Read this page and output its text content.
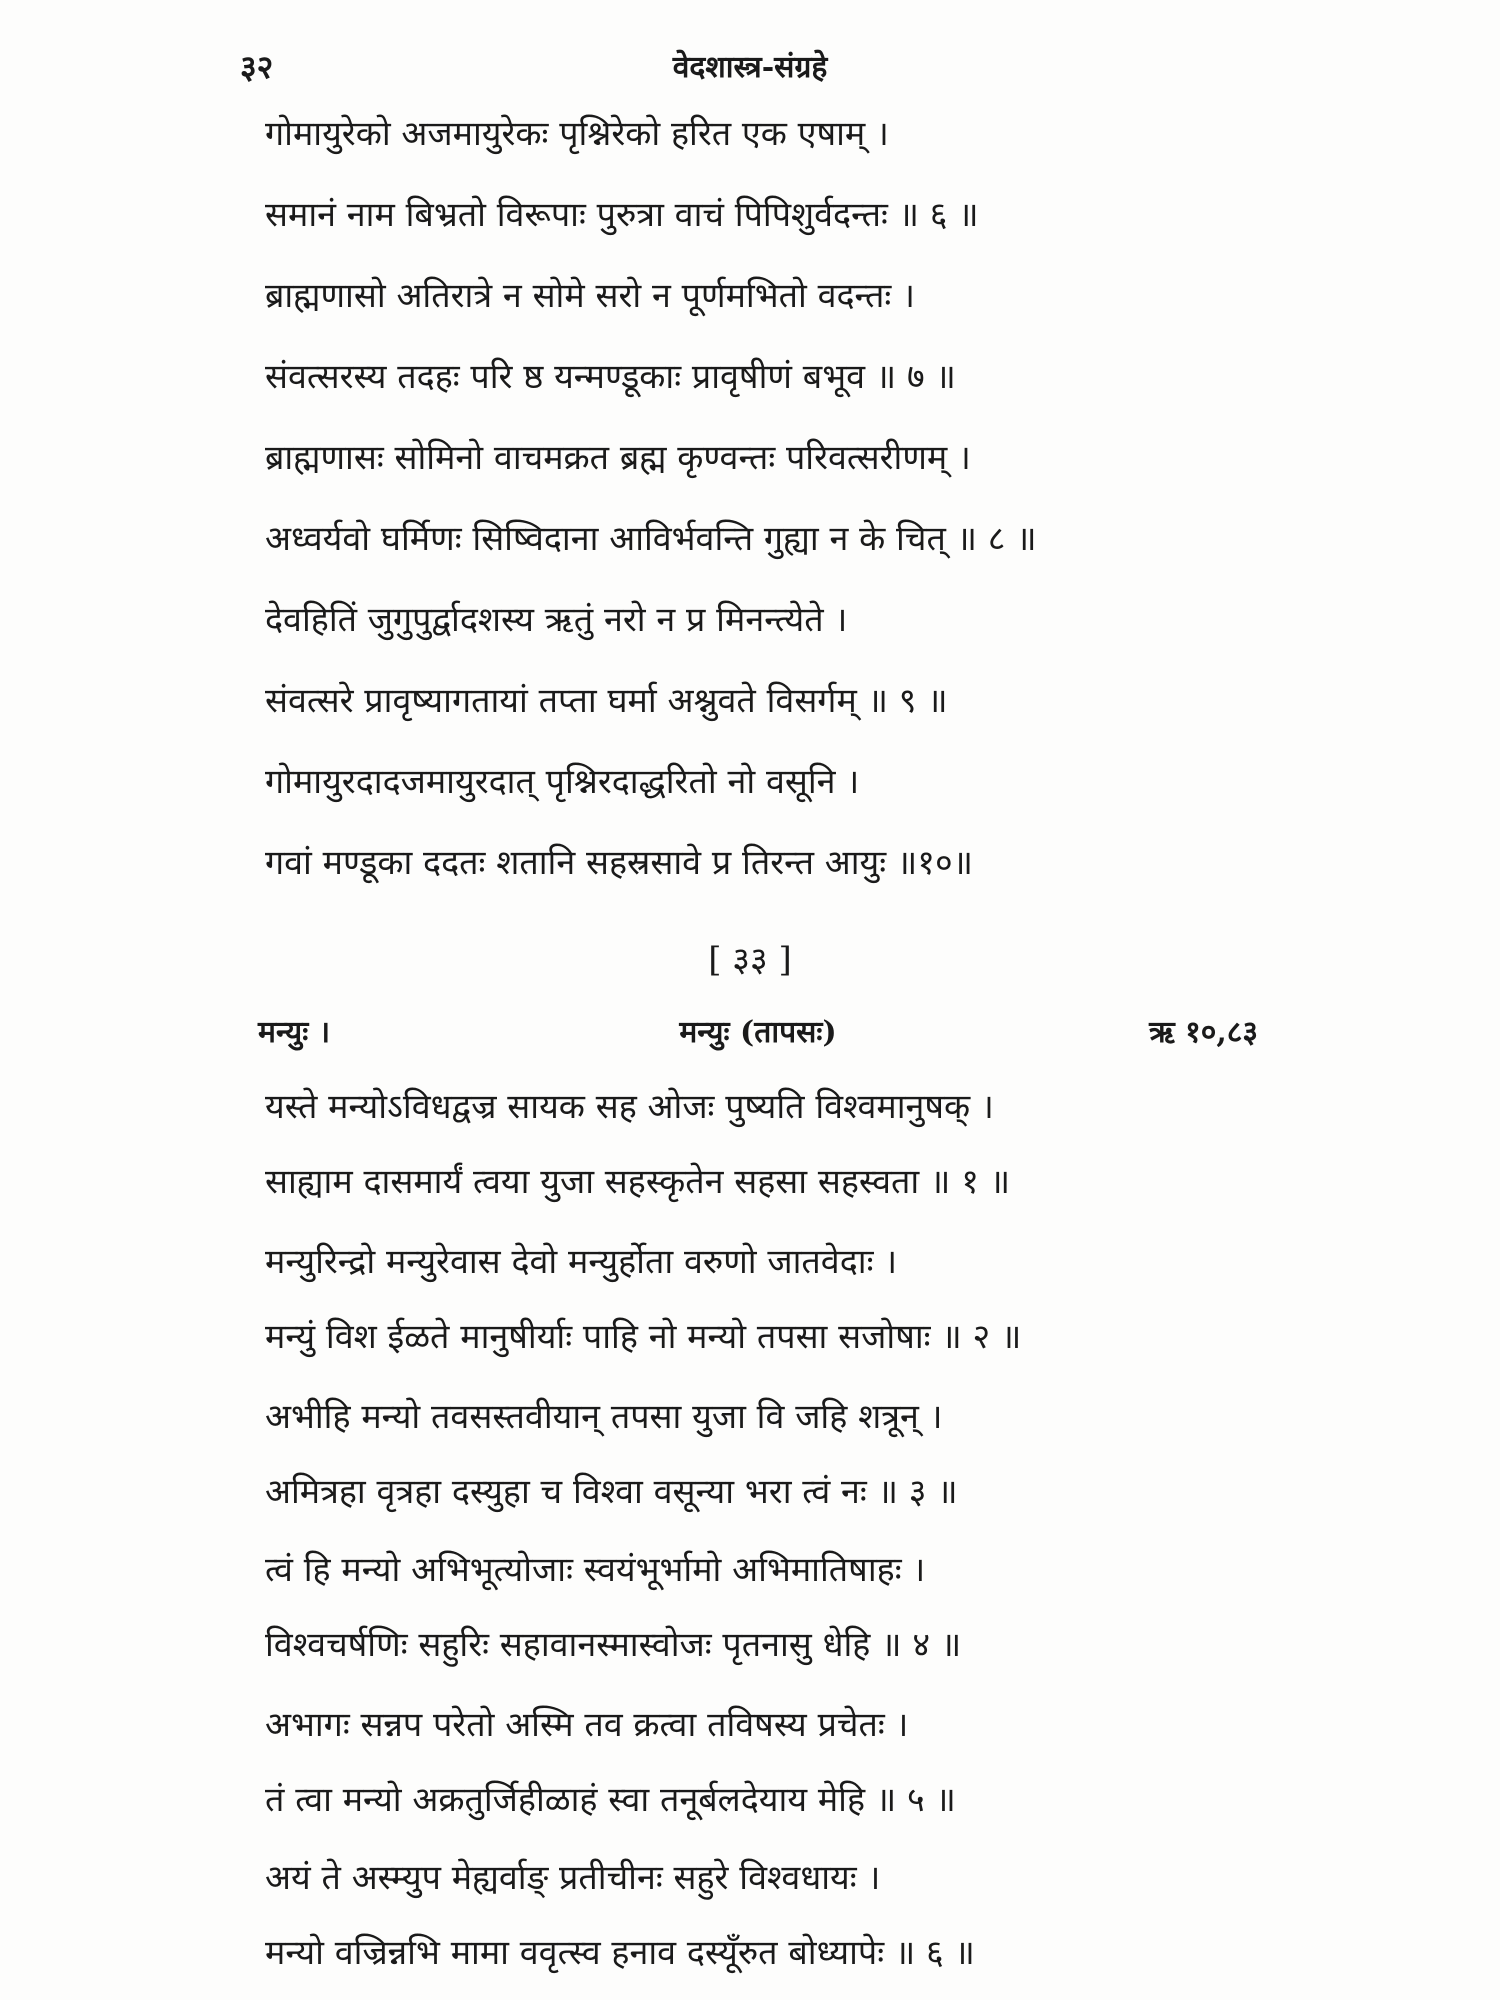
३२	वेदशास्त्र-संग्रहे
गोमायुरेको अजमायुरेकः पृश्निरेको हरित एक एषाम् ।
समानं नाम बिभ्रतो विरूपाः पुरुत्रा वाचं पिपिशुर्वदन्तः ॥ ६ ॥
ब्राह्मणासो अतिरात्रे न सोमे सरो न पूर्णमभितो वदन्तः ।
संवत्सरस्य तदहः परि ष्ठ यन्मण्डूकाः प्रावृषीणं बभूव ॥ ७ ॥
ब्राह्मणासः सोमिनो वाचमक्रत ब्रह्म कृण्वन्तः परिवत्सरीणम् ।
अध्वर्यवो घर्मिणः सिष्विदाना आविर्भवन्ति गुह्या न के चित् ॥ ८ ॥
देवहितिं जुगुपुर्द्वादशस्य ऋतुं नरो न प्र मिनन्त्येते ।
संवत्सरे प्रावृष्यागतायां तप्ता घर्मा अश्नुवते विसर्गम् ॥ ९ ॥
गोमायुरदादजमायुरदात् पृश्निरदाद्धरितो नो वसूनि ।
गवां मण्डूका ददतः शतानि सहस्रसावे प्र तिरन्त आयुः ॥१०॥
[ ३३ ]
मन्युः ।	मन्युः (तापसः)	ऋ १०,८३
यस्ते मन्योऽविधद्वज्र सायक सह ओजः पुष्यति विश्वमानुषक् ।
साह्याम दासमार्यं त्वया युजा सहस्कृतेन सहसा सहस्वता ॥ १ ॥
मन्युरिन्द्रो मन्युरेवास देवो मन्युर्होता वरुणो जातवेदाः ।
मन्युं विश ईळते मानुषीर्याः पाहि नो मन्यो तपसा सजोषाः ॥ २ ॥
अभीहि मन्यो तवसस्तवीयान् तपसा युजा वि जहि शत्रून् ।
अमित्रहा वृत्रहा दस्युहा च विश्वा वसून्या भरा त्वं नः ॥ ३ ॥
त्वं हि मन्यो अभिभूत्योजाः स्वयंभूर्भामो अभिमातिषाहः ।
विश्वचर्षणिः सहुरिः सहावानस्मास्वोजः पृतनासु धेहि ॥ ४ ॥
अभागः सन्नप परेतो अस्मि तव क्रत्वा तविषस्य प्रचेतः ।
तं त्वा मन्यो अक्रतुर्जिहीळाहं स्वा तनूर्बलदेयाय मेहि ॥ ५ ॥
अयं ते अस्म्युप मेह्यर्वाङ् प्रतीचीनः सहुरे विश्वधायः ।
मन्यो वज्रिन्नभि मामा ववृत्स्व हनाव दस्यूँरुत बोध्यापेः ॥ ६ ॥
